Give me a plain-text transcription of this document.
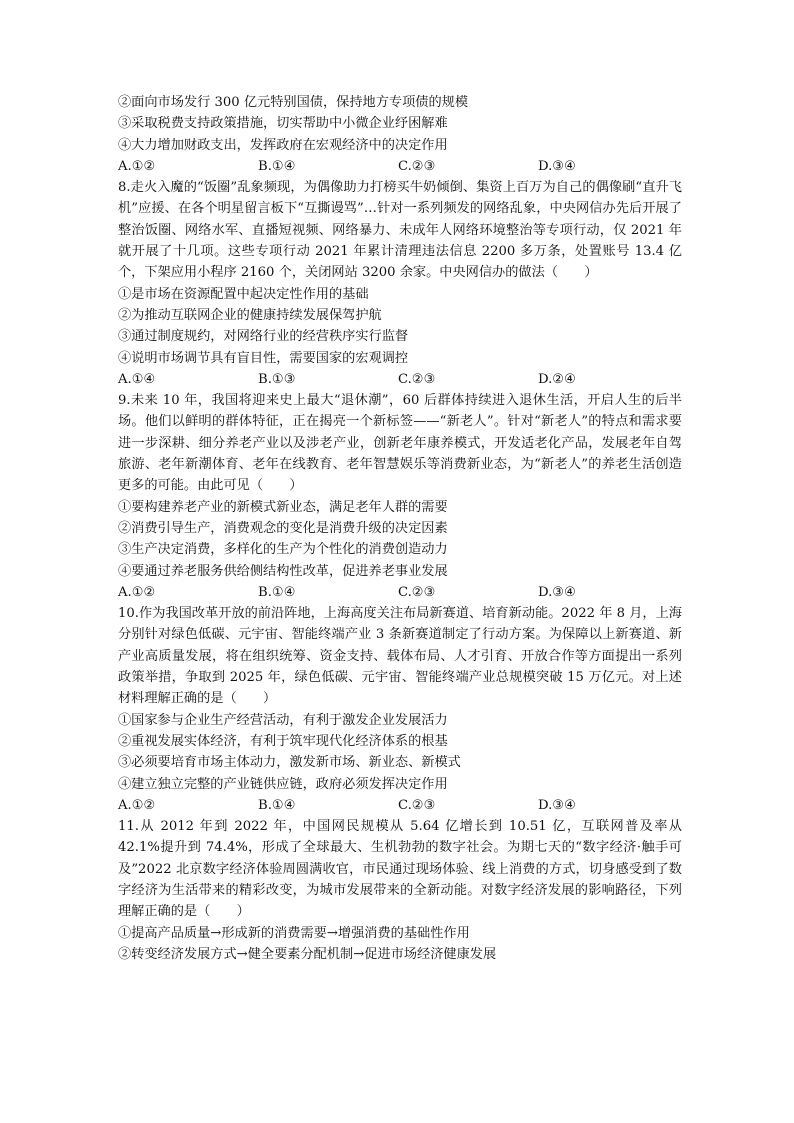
②面向市场发行 300 亿元特别国债，保持地方专项债的规模
③采取税费支持政策措施，切实帮助中小微企业纾困解难
④大力增加财政支出，发挥政府在宏观经济中的决定作用
A.①②	B.①④	C.②③	D.③④
8.走火入魔的“饭圈”乱象频现，为偶像助力打榜买牛奶倾倒、集资上百万为自己的偶像刷“直升飞机”应援、在各个明星留言板下“互撕谩骂”…针对一系列频发的网络乱象，中央网信办先后开展了整治饭圈、网络水军、直播短视频、网络暴力、未成年人网络环境整治等专项行动，仅 2021 年就开展了十几项。这些专项行动 2021 年累计清理违法信息 2200 多万条，处置账号 13.4 亿个，下架应用小程序 2160 个，关闭网站 3200 余家。中央网信办的做法（　　）
①是市场在资源配置中起决定性作用的基础
②为推动互联网企业的健康持续发展保驾护航
③通过制度规约，对网络行业的经营秩序实行监督
④说明市场调节具有盲目性，需要国家的宏观调控
A.①④	B.①③	C.②③	D.②④
9.未来 10 年，我国将迎来史上最大“退休潮”，60 后群体持续进入退休生活，开启人生的后半场。他们以鲜明的群体特征，正在揭亮一个新标签——“新老人”。针对“新老人”的特点和需求要进一步深耕、细分养老产业以及涉老产业，创新老年康养模式，开发适老化产品，发展老年自驾旅游、老年新潮体育、老年在线教育、老年智慧娱乐等消费新业态，为“新老人”的养老生活创造更多的可能。由此可见（　　）
①要构建养老产业的新模式新业态，满足老年人群的需要
②消费引导生产，消费观念的变化是消费升级的决定因素
③生产决定消费，多样化的生产为个性化的消费创造动力
④要通过养老服务供给侧结构性改革，促进养老事业发展
A.①②	B.①④	C.②③	D.③④
10.作为我国改革开放的前沿阵地，上海高度关注布局新赛道、培育新动能。2022 年 8 月，上海分别针对绿色低碳、元宇宙、智能终端产业 3 条新赛道制定了行动方案。为保障以上新赛道、新产业高质量发展，将在组织统筹、资金支持、载体布局、人才引育、开放合作等方面提出一系列政策举措，争取到 2025 年，绿色低碳、元宇宙、智能终端产业总规模突破 15 万亿元。对上述材料理解正确的是（　　）
①国家参与企业生产经营活动，有利于激发企业发展活力
②重视发展实体经济，有利于筑牢现代化经济体系的根基
③必须要培育市场主体动力，激发新市场、新业态、新模式
④建立独立完整的产业链供应链，政府必须发挥决定作用
A.①②	B.①④	C.②③	D.③④
11.从 2012 年到 2022 年，中国网民规模从 5.64 亿增长到 10.51 亿，互联网普及率从 42.1%提升到 74.4%，形成了全球最大、生机勃勃的数字社会。为期七天的“数字经济·触手可及”2022 北京数字经济体验周圆满收官，市民通过现场体验、线上消费的方式，切身感受到了数字经济为生活带来的精彩改变，为城市发展带来的全新动能。对数字经济发展的影响路径，下列理解正确的是（　　）
①提高产品质量→形成新的消费需要→增强消费的基础性作用
②转变经济发展方式→健全要素分配机制→促进市场经济健康发展
